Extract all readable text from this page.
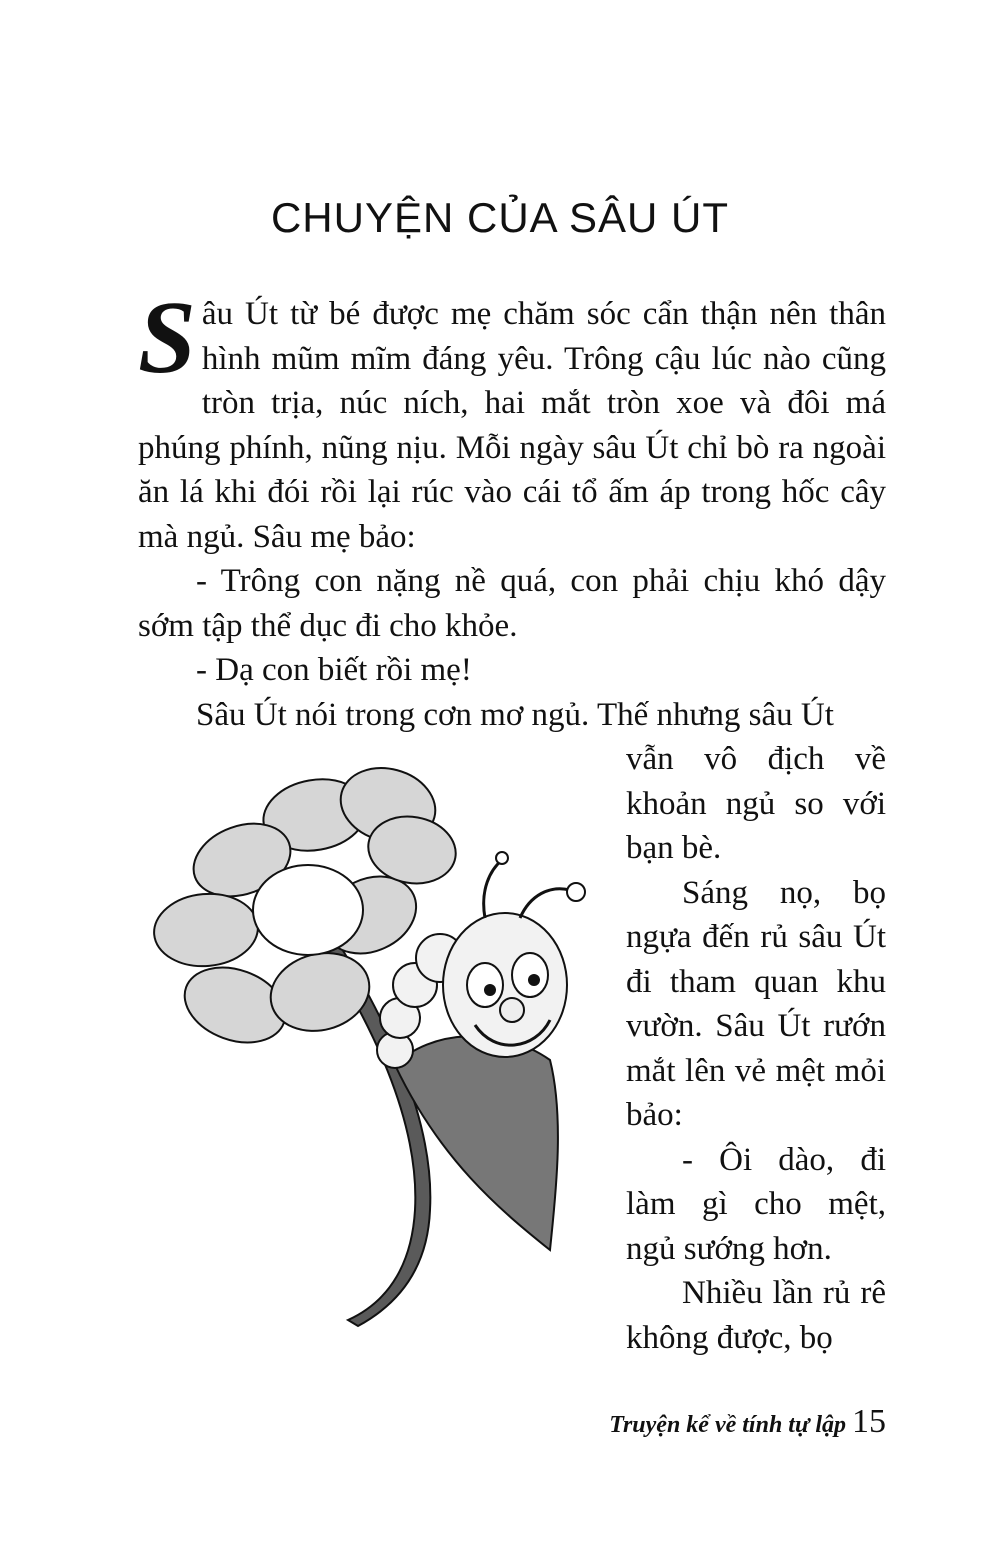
CHUYỆN CỦA SÂU ÚT

Sâu Út từ bé được mẹ chăm sóc cẩn thận nên thân hình mũm mĩm đáng yêu. Trông cậu lúc nào cũng tròn trịa, núc ních, hai mắt tròn xoe và đôi má phúng phính, nũng nịu. Mỗi ngày sâu Út chỉ bò ra ngoài ăn lá khi đói rồi lại rúc vào cái tổ ấm áp trong hốc cây mà ngủ. Sâu mẹ bảo:

- Trông con nặng nề quá, con phải chịu khó dậy sớm tập thể dục đi cho khỏe.

- Dạ con biết rồi mẹ!

Sâu Út nói trong cơn mơ ngủ. Thế nhưng sâu Út

vẫn vô địch về khoản ngủ so với bạn bè.

Sáng nọ, bọ ngựa đến rủ sâu Út đi tham quan khu vườn. Sâu Út rướn mắt lên vẻ mệt mỏi bảo:

- Ôi dào, đi làm gì cho mệt, ngủ sướng hơn.

Nhiều lần rủ rê không được, bọ

Truyện kể về tính tự lập 15
